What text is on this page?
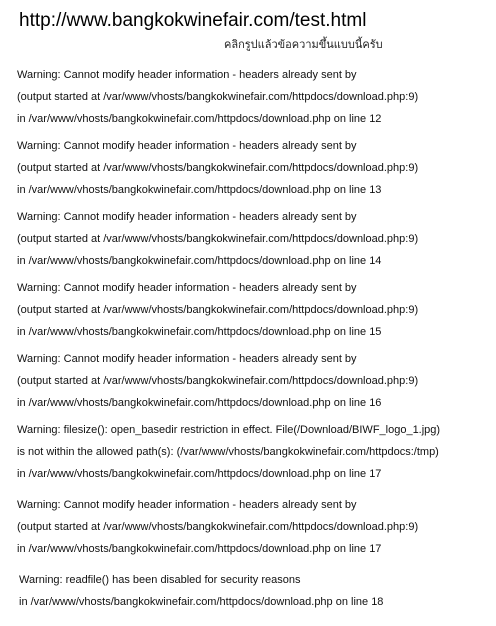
http://www.bangkokwinefair.com/test.html
คลิกรูปแล้วข้อความขึ้นแบบนี้ครับ
Warning: Cannot modify header information - headers already sent by
(output started at /var/www/vhosts/bangkokwinefair.com/httpdocs/download.php:9)
in /var/www/vhosts/bangkokwinefair.com/httpdocs/download.php on line 12
Warning: Cannot modify header information - headers already sent by
(output started at /var/www/vhosts/bangkokwinefair.com/httpdocs/download.php:9)
in /var/www/vhosts/bangkokwinefair.com/httpdocs/download.php on line 13
Warning: Cannot modify header information - headers already sent by
(output started at /var/www/vhosts/bangkokwinefair.com/httpdocs/download.php:9)
in /var/www/vhosts/bangkokwinefair.com/httpdocs/download.php on line 14
Warning: Cannot modify header information - headers already sent by
(output started at /var/www/vhosts/bangkokwinefair.com/httpdocs/download.php:9)
in /var/www/vhosts/bangkokwinefair.com/httpdocs/download.php on line 15
Warning: Cannot modify header information - headers already sent by
(output started at /var/www/vhosts/bangkokwinefair.com/httpdocs/download.php:9)
in /var/www/vhosts/bangkokwinefair.com/httpdocs/download.php on line 16
Warning: filesize(): open_basedir restriction in effect. File(/Download/BIWF_logo_1.jpg)
is not within the allowed path(s): (/var/www/vhosts/bangkokwinefair.com/httpdocs:/tmp)
in /var/www/vhosts/bangkokwinefair.com/httpdocs/download.php on line 17
Warning: Cannot modify header information - headers already sent by
(output started at /var/www/vhosts/bangkokwinefair.com/httpdocs/download.php:9)
in /var/www/vhosts/bangkokwinefair.com/httpdocs/download.php on line 17
Warning: readfile() has been disabled for security reasons
in /var/www/vhosts/bangkokwinefair.com/httpdocs/download.php on line 18
